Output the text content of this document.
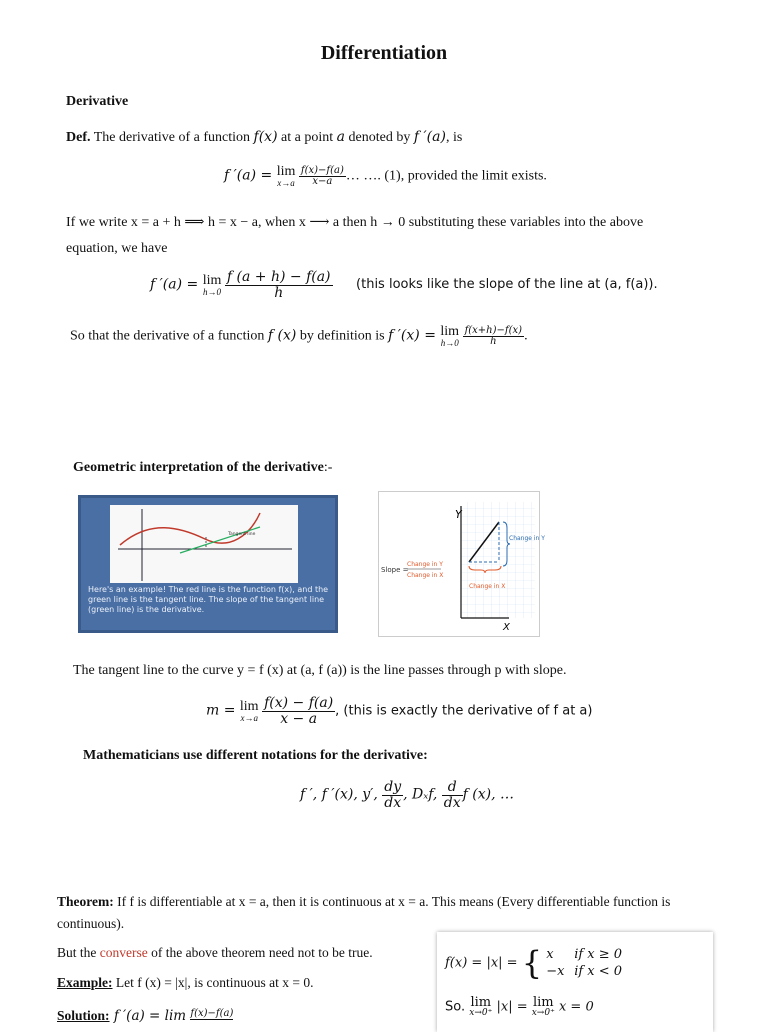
Differentiation
Derivative
Def. The derivative of a function f(x) at a point a denoted by f ′(a), is
f ′(a) = lim
x→a
$\frac{f(x)-f(a)}{x-a}$ … …. (1), provided the limit exists.
If we write x = a + h ⟹ h = x − a, when x ⟶ a then h → 0 substituting these variables into the above
equation, we have
f ′(a) = lim
h→0
$\frac{f (a + h) - f(a)}{h}$ (this looks like the slope of the line at (a, f(a)).
So that the derivative of a function f (x) by definition is f ′(x) = lim
h→0
$\frac{f(x+h)-f(x)}{h}$ .
Geometric interpretation of the derivative:-
Tangent line
Here's an example! The red line is the function f(x), and the green line is the tangent line. The slope of the tangent line (green line) is the derivative.
Y
X
Change in Y
Change in X
Slope =
Change in Y
Change in X
The tangent line to the curve y = f (x) at (a, f (a)) is the line passes through p with slope.
m = lim
x→a
$\frac{f(x) - f(a)}{x - a}$ , (this is exactly the derivative of f at a)
Mathematicians use different notations for the derivative:
f ′, f ′(x), y′, $\frac{dy}{dx}$ , Dₓf, $\frac{d}{dx}$ f (x), …
Theorem: If f is differentiable at x = a, then it is continuous at x = a. This means (Every differentiable function is
continuous).
But the converse of the above theorem need not to be true.
Example: Let f (x) = |x|, is continuous at x = 0.
Solution: f ′(a) = lim f(x)−f(a)
f(x) = |x| = { x if x ≥ 0
−x if x < 0
So. lim
x→0⁺ |x| = lim
x→0⁺ x = 0
